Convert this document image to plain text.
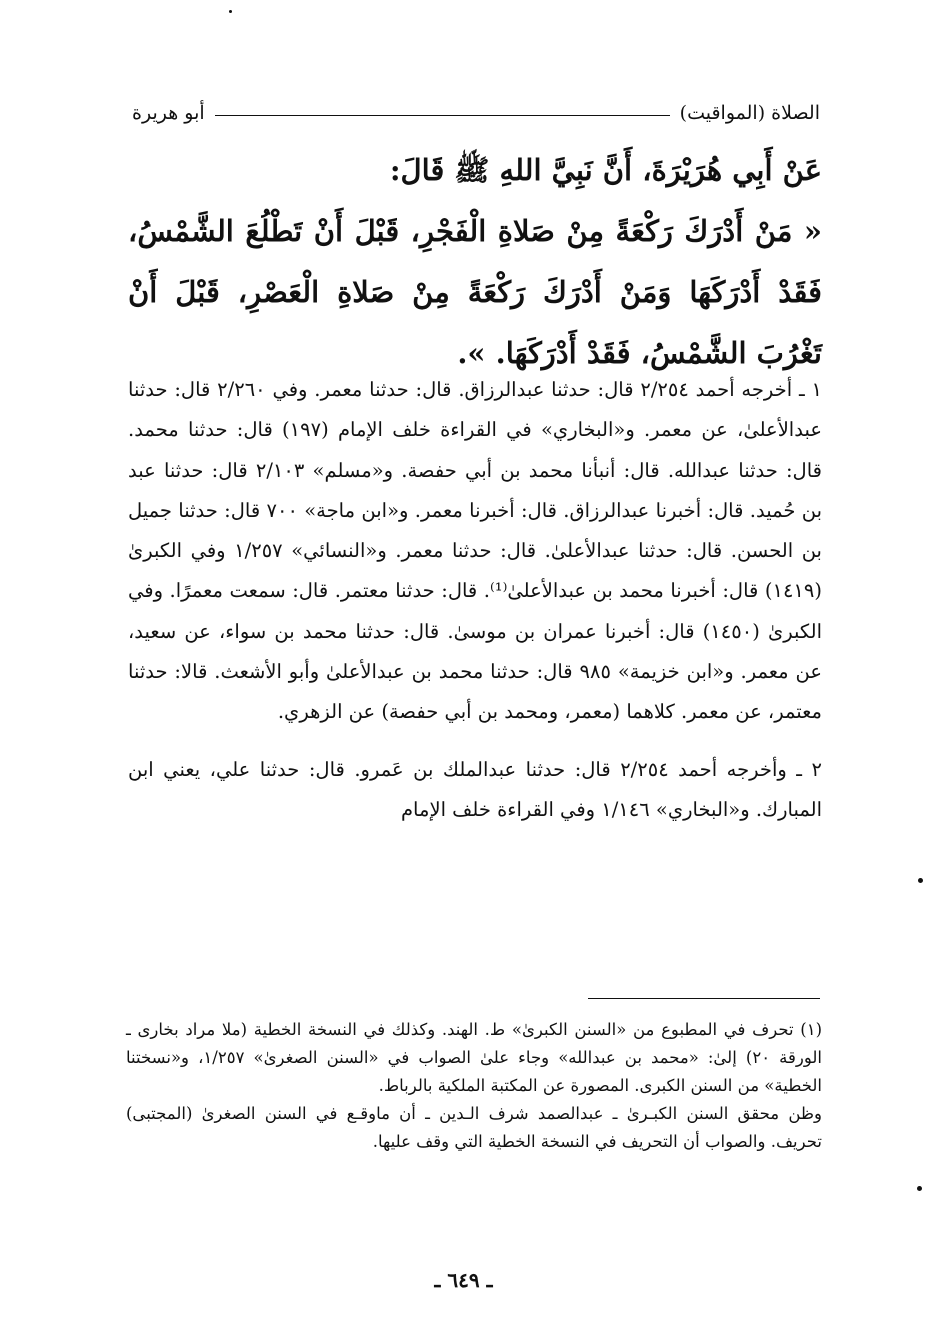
الصلاة (المواقيت)
أبو هريرة

عَنْ أَبِي هُرَيْرَةَ، أَنَّ نَبِيَّ اللهِ ﷺ قَالَ:

« مَنْ أَدْرَكَ رَكْعَةً مِنْ صَلاةِ الْفَجْرِ، قَبْلَ أَنْ تَطْلُعَ الشَّمْسُ، فَقَدْ أَدْرَكَهَا وَمَنْ أَدْرَكَ رَكْعَةً مِنْ صَلاةِ الْعَصْرِ، قَبْلَ أَنْ تَغْرُبَ الشَّمْسُ، فَقَدْ أَدْرَكَهَا. ».

١ ـ أخرجه أحمد ٢/٢٥٤ قال: حدثنا عبدالرزاق. قال: حدثنا معمر. وفي ٢/٢٦٠ قال: حدثنا عبدالأعلىٰ، عن معمر. و«البخاري» في القراءة خلف الإمام (١٩٧) قال: حدثنا محمد. قال: حدثنا عبدالله. قال: أنبأنا محمد بن أبي حفصة. و«مسلم» ٢/١٠٣ قال: حدثنا عبد بن حُميد. قال: أخبرنا عبدالرزاق. قال: أخبرنا معمر. و«ابن ماجة» ٧٠٠ قال: حدثنا جميل بن الحسن. قال: حدثنا عبدالأعلىٰ. قال: حدثنا معمر. و«النسائي» ١/٢٥٧ وفي الكبرىٰ (١٤١٩) قال: أخبرنا محمد بن عبدالأعلىٰ⁽¹⁾. قال: حدثنا معتمر. قال: سمعت معمرًا. وفي الكبرىٰ (١٤٥٠) قال: أخبرنا عمران بن موسىٰ. قال: حدثنا محمد بن سواء، عن سعيد، عن معمر. و«ابن خزيمة» ٩٨٥ قال: حدثنا محمد بن عبدالأعلىٰ وأبو الأشعث. قالا: حدثنا معتمر، عن معمر. كلاهما (معمر، ومحمد بن أبي حفصة) عن الزهري.

٢ ـ وأخرجه أحمد ٢/٢٥٤ قال: حدثنا عبدالملك بن عَمرو. قال: حدثنا علي، يعني ابن المبارك. و«البخاري» ١/١٤٦ وفي القراءة خلف الإمام

(١) تحرف في المطبوع من «السنن الكبرىٰ» ط. الهند. وكذلك في النسخة الخطية (ملا مراد بخارى ـ الورقة ٢٠) إلىٰ: «محمد بن عبدالله» وجاء علىٰ الصواب في «السنن الصغرىٰ» ١/٢٥٧، و«نسختنا الخطية» من السنن الكبرى. المصورة عن المكتبة الملكية بالرباط.

وظن محقق السنن الكبـرىٰ ـ عبدالصمد شرف الـدين ـ أن ماوقـع في السنن الصغرىٰ (المجتبى) تحريف. والصواب أن التحريف في النسخة الخطية التي وقف عليها.

ـ ٦٤٩ ـ
